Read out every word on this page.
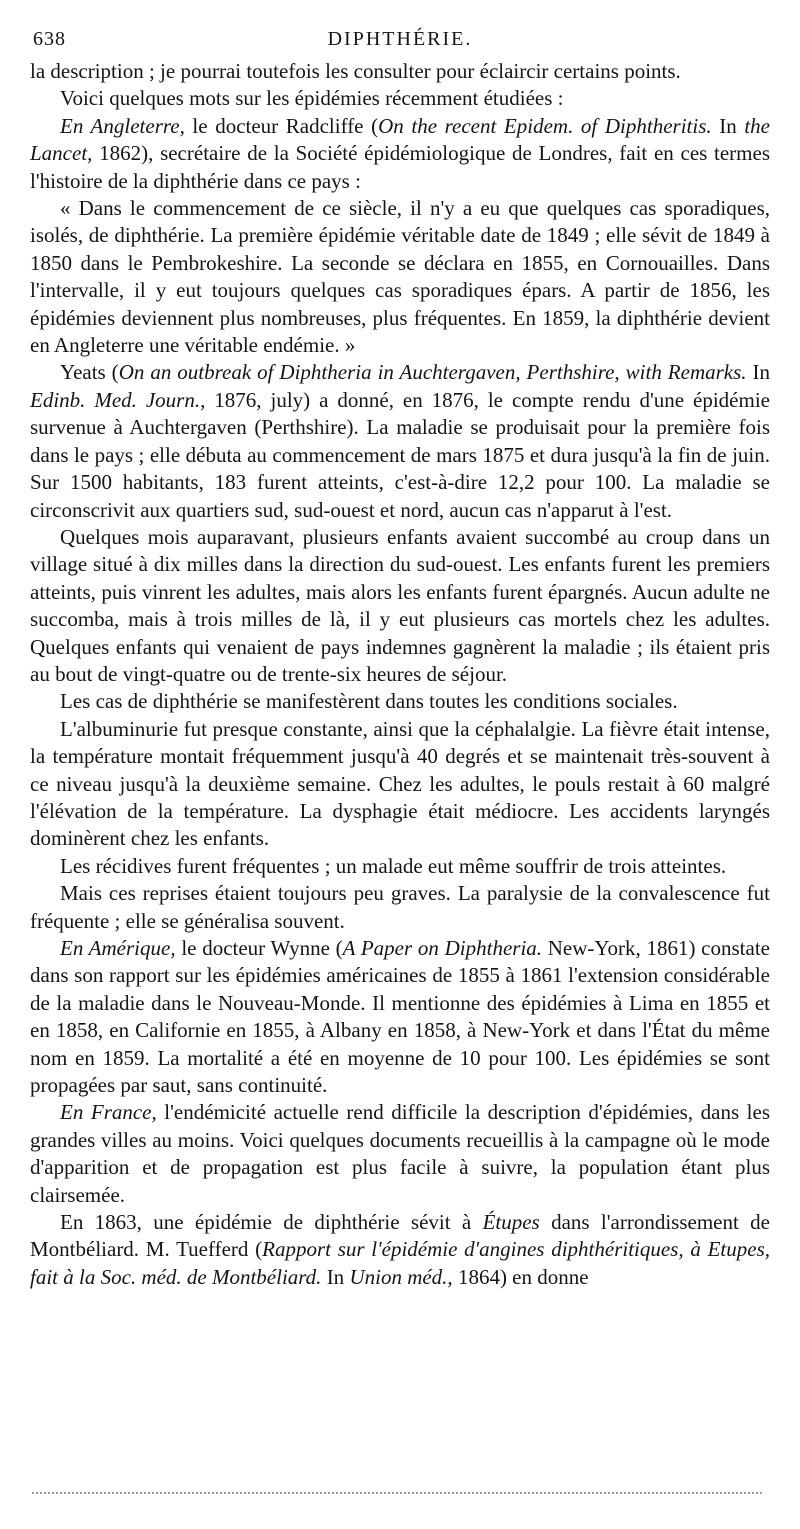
638	DIPHTHÉRIE.

la description ; je pourrai toutefois les consulter pour éclaircir certains points.

Voici quelques mots sur les épidémies récemment étudiées :

En Angleterre, le docteur Radcliffe (On the recent Epidem. of Diphtheritis. In the Lancet, 1862), secrétaire de la Société épidémiologique de Londres, fait en ces termes l'histoire de la diphthérie dans ce pays :

« Dans le commencement de ce siècle, il n'y a eu que quelques cas sporadiques, isolés, de diphthérie. La première épidémie véritable date de 1849 ; elle sévit de 1849 à 1850 dans le Pembrokeshire. La seconde se déclara en 1855, en Cornouailles. Dans l'intervalle, il y eut toujours quelques cas sporadiques épars. A partir de 1856, les épidémies deviennent plus nombreuses, plus fréquentes. En 1859, la diphthérie devient en Angleterre une véritable endémie. »

Yeats (On an outbreak of Diphtheria in Auchtergaven, Perthshire, with Remarks. In Edinb. Med. Journ., 1876, july) a donné, en 1876, le compte rendu d'une épidémie survenue à Auchtergaven (Perthshire). La maladie se produisait pour la première fois dans le pays ; elle débuta au commencement de mars 1875 et dura jusqu'à la fin de juin. Sur 1500 habitants, 183 furent atteints, c'est-à-dire 12,2 pour 100. La maladie se circonscrivit aux quartiers sud, sud-ouest et nord, aucun cas n'apparut à l'est.

Quelques mois auparavant, plusieurs enfants avaient succombé au croup dans un village situé à dix milles dans la direction du sud-ouest. Les enfants furent les premiers atteints, puis vinrent les adultes, mais alors les enfants furent épargnés. Aucun adulte ne succomba, mais à trois milles de là, il y eut plusieurs cas mortels chez les adultes. Quelques enfants qui venaient de pays indemnes gagnèrent la maladie ; ils étaient pris au bout de vingt-quatre ou de trente-six heures de séjour.

Les cas de diphthérie se manifestèrent dans toutes les conditions sociales.

L'albuminurie fut presque constante, ainsi que la céphalalgie. La fièvre était intense, la température montait fréquemment jusqu'à 40 degrés et se maintenait très-souvent à ce niveau jusqu'à la deuxième semaine. Chez les adultes, le pouls restait à 60 malgré l'élévation de la température. La dysphagie était médiocre. Les accidents laryngés dominèrent chez les enfants.

Les récidives furent fréquentes ; un malade eut même souffrir de trois atteintes.

Mais ces reprises étaient toujours peu graves. La paralysie de la convalescence fut fréquente ; elle se généralisa souvent.

En Amérique, le docteur Wynne (A Paper on Diphtheria. New-York, 1861) constate dans son rapport sur les épidémies américaines de 1855 à 1861 l'extension considérable de la maladie dans le Nouveau-Monde. Il mentionne des épidémies à Lima en 1855 et en 1858, en Californie en 1855, à Albany en 1858, à New-York et dans l'État du même nom en 1859. La mortalité a été en moyenne de 10 pour 100. Les épidémies se sont propagées par saut, sans continuité.

En France, l'endémicité actuelle rend difficile la description d'épidémies, dans les grandes villes au moins. Voici quelques documents recueillis à la campagne où le mode d'apparition et de propagation est plus facile à suivre, la population étant plus clairsemée.

En 1863, une épidémie de diphthérie sévit à Étupes dans l'arrondissement de Montbéliard. M. Tuefferd (Rapport sur l'épidémie d'angines diphthéritiques, à Etupes, fait à la Soc. méd. de Montbéliard. In Union méd., 1864) en donne
